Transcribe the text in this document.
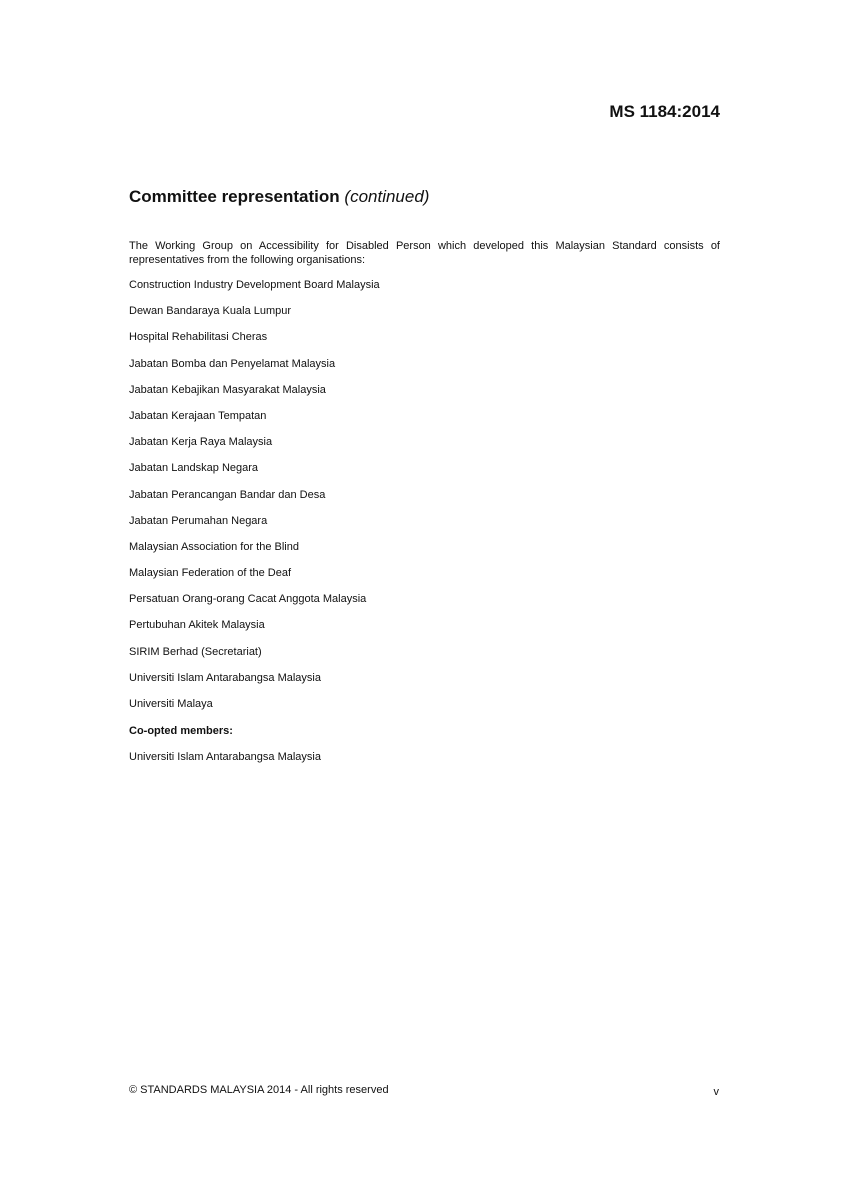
MS 1184:2014
Committee representation (continued)

The Working Group on Accessibility for Disabled Person which developed this Malaysian Standard consists of representatives from the following organisations:

Construction Industry Development Board Malaysia
Dewan Bandaraya Kuala Lumpur
Hospital Rehabilitasi Cheras
Jabatan Bomba dan Penyelamat Malaysia
Jabatan Kebajikan Masyarakat Malaysia
Jabatan Kerajaan Tempatan
Jabatan Kerja Raya Malaysia
Jabatan Landskap Negara
Jabatan Perancangan Bandar dan Desa
Jabatan Perumahan Negara
Malaysian Association for the Blind
Malaysian Federation of the Deaf
Persatuan Orang-orang Cacat Anggota Malaysia
Pertubuhan Akitek Malaysia
SIRIM Berhad (Secretariat)
Universiti Islam Antarabangsa Malaysia
Universiti Malaya

Co-opted members:

Universiti Islam Antarabangsa Malaysia
© STANDARDS MALAYSIA 2014 - All rights reserved	v
